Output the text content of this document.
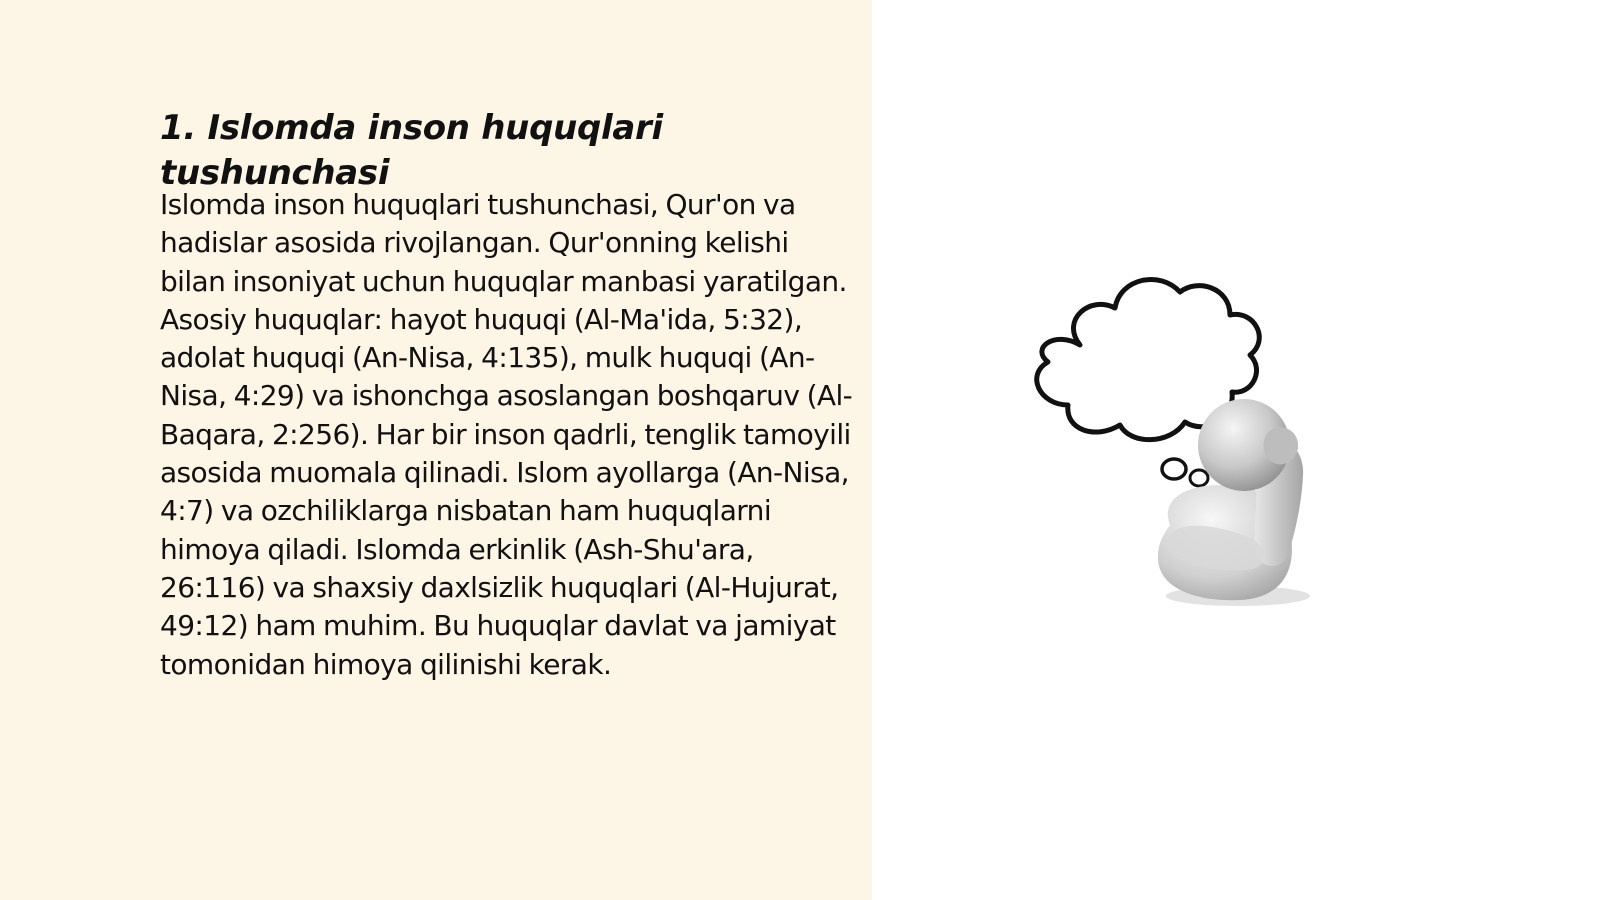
1. Islomda inson huquqlari tushunchasi

Islomda inson huquqlari tushunchasi, Qur'on va hadislar asosida rivojlangan. Qur'onning kelishi bilan insoniyat uchun huquqlar manbasi yaratilgan. Asosiy huquqlar: hayot huquqi (Al-Ma'ida, 5:32), adolat huquqi (An-Nisa, 4:135), mulk huquqi (An-Nisa, 4:29) va ishonchga asoslangan boshqaruv (Al-Baqara, 2:256). Har bir inson qadrli, tenglik tamoyili asosida muomala qilinadi. Islom ayollarga (An-Nisa, 4:7) va ozchiliklarga nisbatan ham huquqlarni himoya qiladi. Islomda erkinlik (Ash-Shu'ara, 26:116) va shaxsiy daxlsizlik huquqlari (Al-Hujurat, 49:12) ham muhim. Bu huquqlar davlat va jamiyat tomonidan himoya qilinishi kerak.
